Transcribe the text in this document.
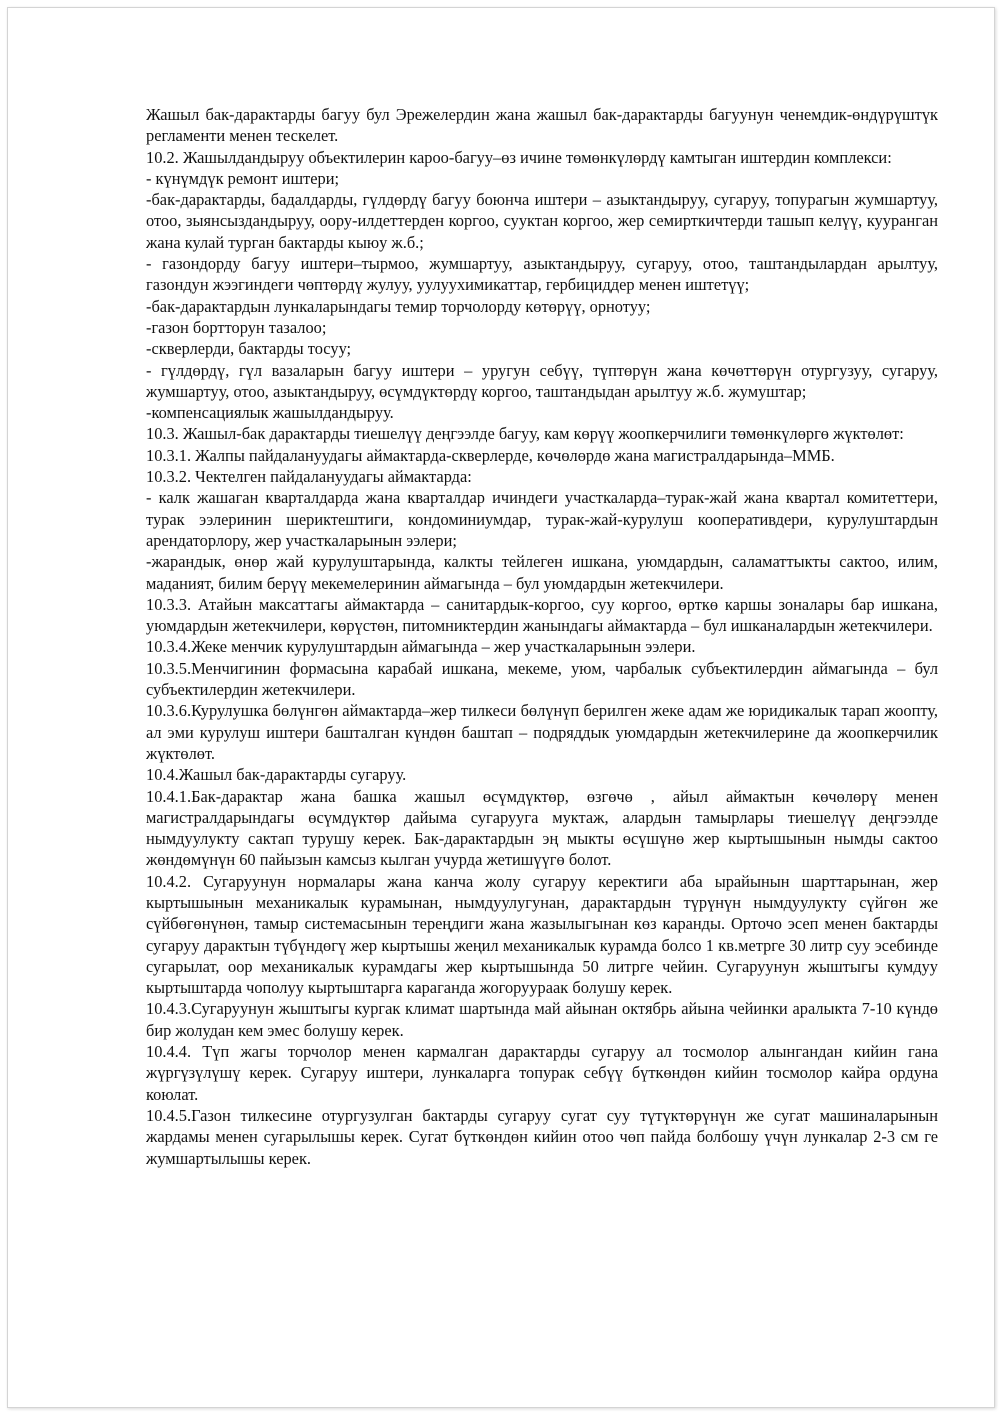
Жашыл бак-дарактарды багуу бул Эрежелердин жана жашыл бак-дарактарды багуунун ченемдик-өндүрүштүк регламенти менен тескелет.

10.2. Жашылдандыруу объектилерин кароо-багуу–өз ичине төмөнкүлөрдү камтыган иштердин комплекси:

- күнүмдүк ремонт иштери;

-бак-дарактарды, бадалдарды, гүлдөрдү багуу боюнча иштери – азыктандыруу, сугаруу, топурагын жумшартуу, отоо, зыянсыздандыруу, оору-илдеттерден коргоо, сууктан коргоо, жер семирткичтерди ташып келүү, кууранган жана кулай турган бактарды кыюу ж.б.;

- газондорду багуу иштери–тырмоо, жумшартуу, азыктандыруу, сугаруу, отоо, таштандылардан арылтуу, газондун жээгиндеги чөптөрдү жулуу, уулуухимикаттар, гербициддер менен иштетүү;

-бак-дарактардын лункаларындагы темир торчолорду көтөрүү, орнотуу;

-газон бортторун тазалоо;

-скверлерди, бактарды тосуу;

- гүлдөрдү, гүл вазаларын багуу иштери – уругун себүү, түптөрүн жана көчөттөрүн отургузуу, сугаруу, жумшартуу, отоо, азыктандыруу, өсүмдүктөрдү коргоо, таштандыдан арылтуу ж.б. жумуштар;

-компенсациялык жашылдандыруу.

10.3. Жашыл-бак дарактарды тиешелүү деңгээлде багуу, кам көрүү жоопкерчилиги төмөнкүлөргө жүктөлөт:

10.3.1. Жалпы пайдалануудагы аймактарда-скверлерде, көчөлөрдө жана магистралдарында–ММБ.

10.3.2. Чектелген пайдалануудагы аймактарда:

- калк жашаган кварталдарда жана кварталдар ичиндеги участкаларда–турак-жай жана квартал комитеттери, турак ээлеринин шериктештиги, кондоминиумдар, турак-жай-курулуш кооперативдери, курулуштардын арендаторлору, жер участкаларынын ээлери;

-жарандык, өнөр жай курулуштарында, калкты тейлеген ишкана, уюмдардын, саламаттыкты сактоо, илим, маданият, билим берүү мекемелеринин аймагында – бул уюмдардын жетекчилери.

10.3.3. Атайын максаттагы аймактарда – санитардык-коргоо, суу коргоо, өрткө каршы зоналары бар ишкана, уюмдардын жетекчилери, көрүстөн, питомниктердин жанындагы аймактарда – бул ишканалардын жетекчилери.

10.3.4.Жеке менчик курулуштардын аймагында – жер участкаларынын ээлери.

10.3.5.Менчигинин формасына карабай ишкана, мекеме, уюм, чарбалык субъектилердин аймагында – бул субъектилердин жетекчилери.

10.3.6.Курулушка бөлүнгөн аймактарда–жер тилкеси бөлүнүп берилген жеке адам же юридикалык тарап жоопту, ал эми курулуш иштери башталган күндөн баштап – подряддык уюмдардын жетекчилерине да жоопкерчилик жүктөлөт.

10.4.Жашыл бак-дарактарды сугаруу.

10.4.1.Бак-дарактар жана башка жашыл өсүмдүктөр, өзгөчө , айыл аймактын көчөлөрү менен магистралдарындагы өсүмдүктөр дайыма сугарууга муктаж, алардын тамырлары тиешелүү деңгээлде нымдуулукту сактап турушу керек. Бак-дарактардын эң мыкты өсүшүнө жер кыртышынын нымды сактоо жөндөмүнүн 60 пайызын камсыз кылган учурда жетишүүгө болот.

10.4.2. Сугаруунун нормалары жана канча жолу сугаруу керектиги аба ырайынын шарттарынан, жер кыртышынын механикалык курамынан, нымдуулугунан, дарактардын түрүнүн нымдуулукту сүйгөн же сүйбөгөнүнөн, тамыр системасынын тереңдиги жана жазылыгынан көз каранды. Орточо эсеп менен бактарды сугаруу дарактын түбүндөгү жер кыртышы жеңил механикалык курамда болсо 1 кв.метрге 30 литр суу эсебинде сугарылат, оор механикалык курамдагы жер кыртышында 50 литрге чейин. Сугаруунун жыштыгы кумдуу кыртыштарда чополуу кыртыштарга караганда жогоруураак болушу керек.

10.4.3.Сугаруунун жыштыгы кургак климат шартында май айынан октябрь айына чейинки аралыкта 7-10 күндө бир жолудан кем эмес болушу керек.

10.4.4. Түп жагы торчолор менен кармалган дарактарды сугаруу ал тосмолор алынгандан кийин гана жүргүзүлүшү керек. Сугаруу иштери, лункаларга топурак себүү бүткөндөн кийин тосмолор кайра ордуна коюлат.

10.4.5.Газон тилкесине отургузулган бактарды сугаруу сугат суу түтүктөрүнүн же сугат машиналарынын жардамы менен сугарылышы керек. Сугат бүткөндөн кийин отоо чөп пайда болбошу үчүн лункалар 2-3 см ге жумшартылышы керек.
